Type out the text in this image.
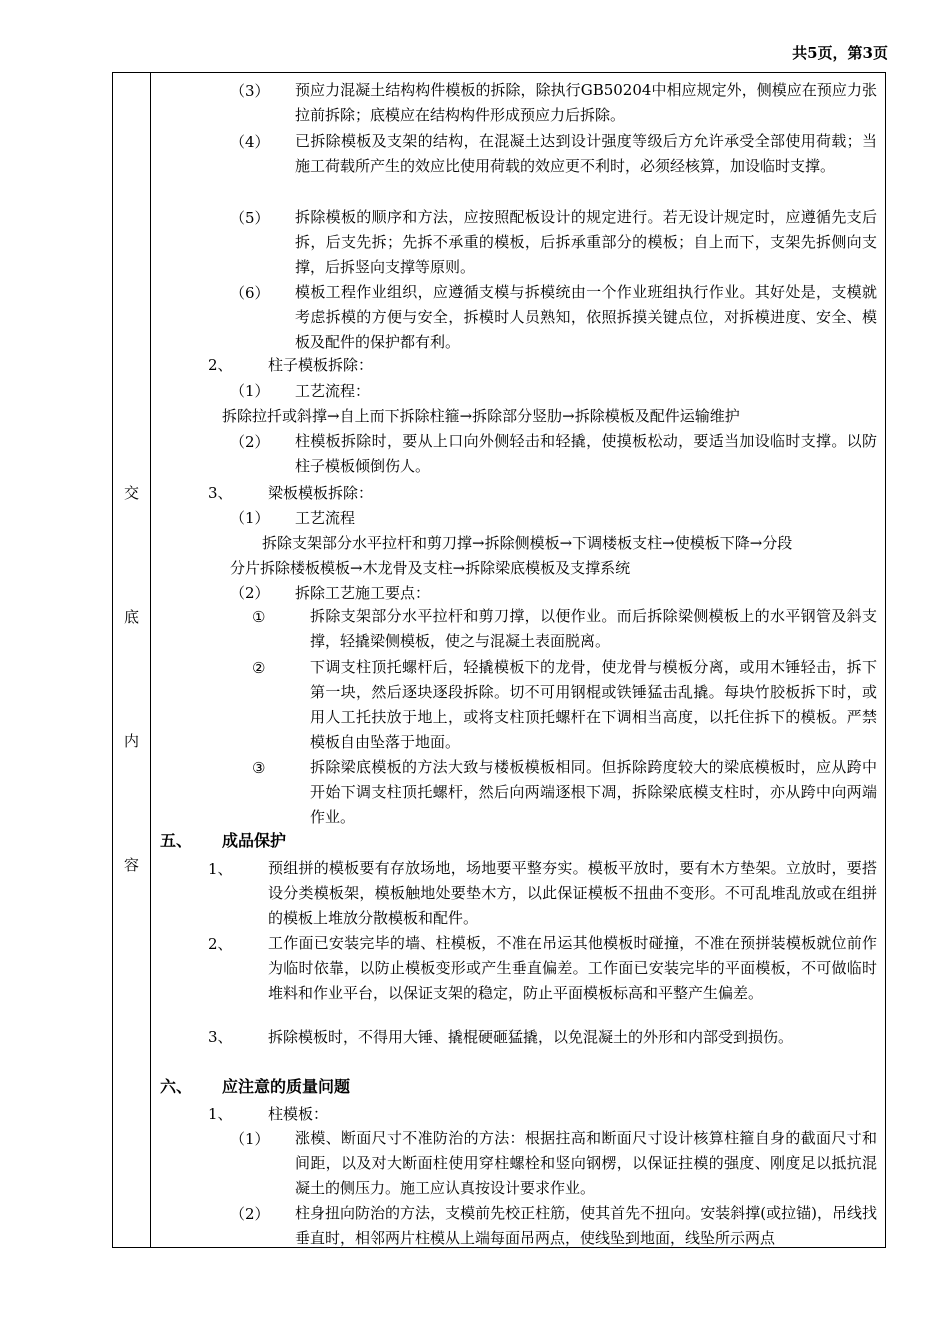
共5页，第3页
交
底
内
容
（3） 预应力混凝土结构构件模板的拆除，除执行GB50204中相应规定外，侧模应在预应力张拉前拆除；底模应在结构构件形成预应力后拆除。
（4） 已拆除模板及支架的结构，在混凝土达到设计强度等级后方允许承受全部使用荷载；当施工荷载所产生的效应比使用荷载的效应更不利时，必须经核算，加设临时支撑。
（5） 拆除模板的顺序和方法，应按照配板设计的规定进行。若无设计规定时，应遵循先支后拆，后支先拆；先拆不承重的模板，后拆承重部分的模板；自上而下，支架先拆侧向支撑，后拆竖向支撑等原则。
（6） 模板工程作业组织，应遵循支模与拆模统由一个作业班组执行作业。其好处是，支模就考虑拆模的方便与安全，拆模时人员熟知，依照拆摸关键点位，对拆模进度、安全、模板及配件的保护都有利。
2、 柱子模板拆除：
（1） 工艺流程：
拆除拉扦或斜撑→自上而下拆除柱箍→拆除部分竖肋→拆除模板及配件运输维护
（2） 柱模板拆除时，要从上口向外侧轻击和轻撬，使摸板松动，要适当加设临时支撑。以防柱子模板倾倒伤人。
3、 梁板模板拆除：
（1） 工艺流程
拆除支架部分水平拉杆和剪刀撑→拆除侧模板→下调楼板支柱→使模板下降→分段
分片拆除楼板模板→木龙骨及支柱→拆除梁底模板及支撑系统
（2） 拆除工艺施工要点：
①	拆除支架部分水平拉杆和剪刀撑，以便作业。而后拆除梁侧模板上的水平钢管及斜支撑，轻撬梁侧模板，使之与混凝土表面脱离。
②	下调支柱顶托螺杆后，轻撬模板下的龙骨，使龙骨与模板分离，或用木锤轻击，拆下第一块，然后逐块逐段拆除。切不可用钢棍或铁锤猛击乱撬。每块竹胶板拆下时，或用人工托扶放于地上，或将支柱顶托螺杆在下调相当高度，以托住拆下的模板。严禁模板自由坠落于地面。
③	拆除梁底模板的方法大致与楼板模板相同。但拆除跨度较大的梁底模板时，应从跨中开始下调支柱顶托螺杆，然后向两端逐根下凋，拆除梁底模支柱时，亦从跨中向两端作业。
五、 成品保护
1、 预组拼的模板要有存放场地，场地要平整夯实。模板平放时，要有木方垫架。立放时，要搭设分类模板架，模板触地处要垫木方，以此保证模板不扭曲不变形。不可乱堆乱放或在组拼的模板上堆放分散模板和配件。
2、 工作面已安装完毕的墙、柱模板，不准在吊运其他模板时碰撞，不准在预拼装模板就位前作为临时依靠，以防止模板变形或产生垂直偏差。工作面已安装完毕的平面模板，不可做临时堆料和作业平台，以保证支架的稳定，防止平面模板标高和平整产生偏差。
3、 拆除模板时，不得用大锤、撬棍硬砸猛撬，以免混凝土的外形和内部受到损伤。
六、 应注意的质量问题
1、 柱模板：
（1） 涨模、断面尺寸不准防治的方法：根据拄高和断面尺寸设计核算柱箍自身的截面尺寸和间距，以及对大断面柱使用穿柱螺栓和竖向钢楞，以保证拄模的强度、刚度足以抵抗混凝土的侧压力。施工应认真按设计要求作业。
（2） 柱身扭向防治的方法，支模前先校正柱筋，使其首先不扭向。安装斜撑(或拉锚)，吊线找垂直时，相邻两片柱模从上端每面吊两点，使线坠到地面，线坠所示两点
